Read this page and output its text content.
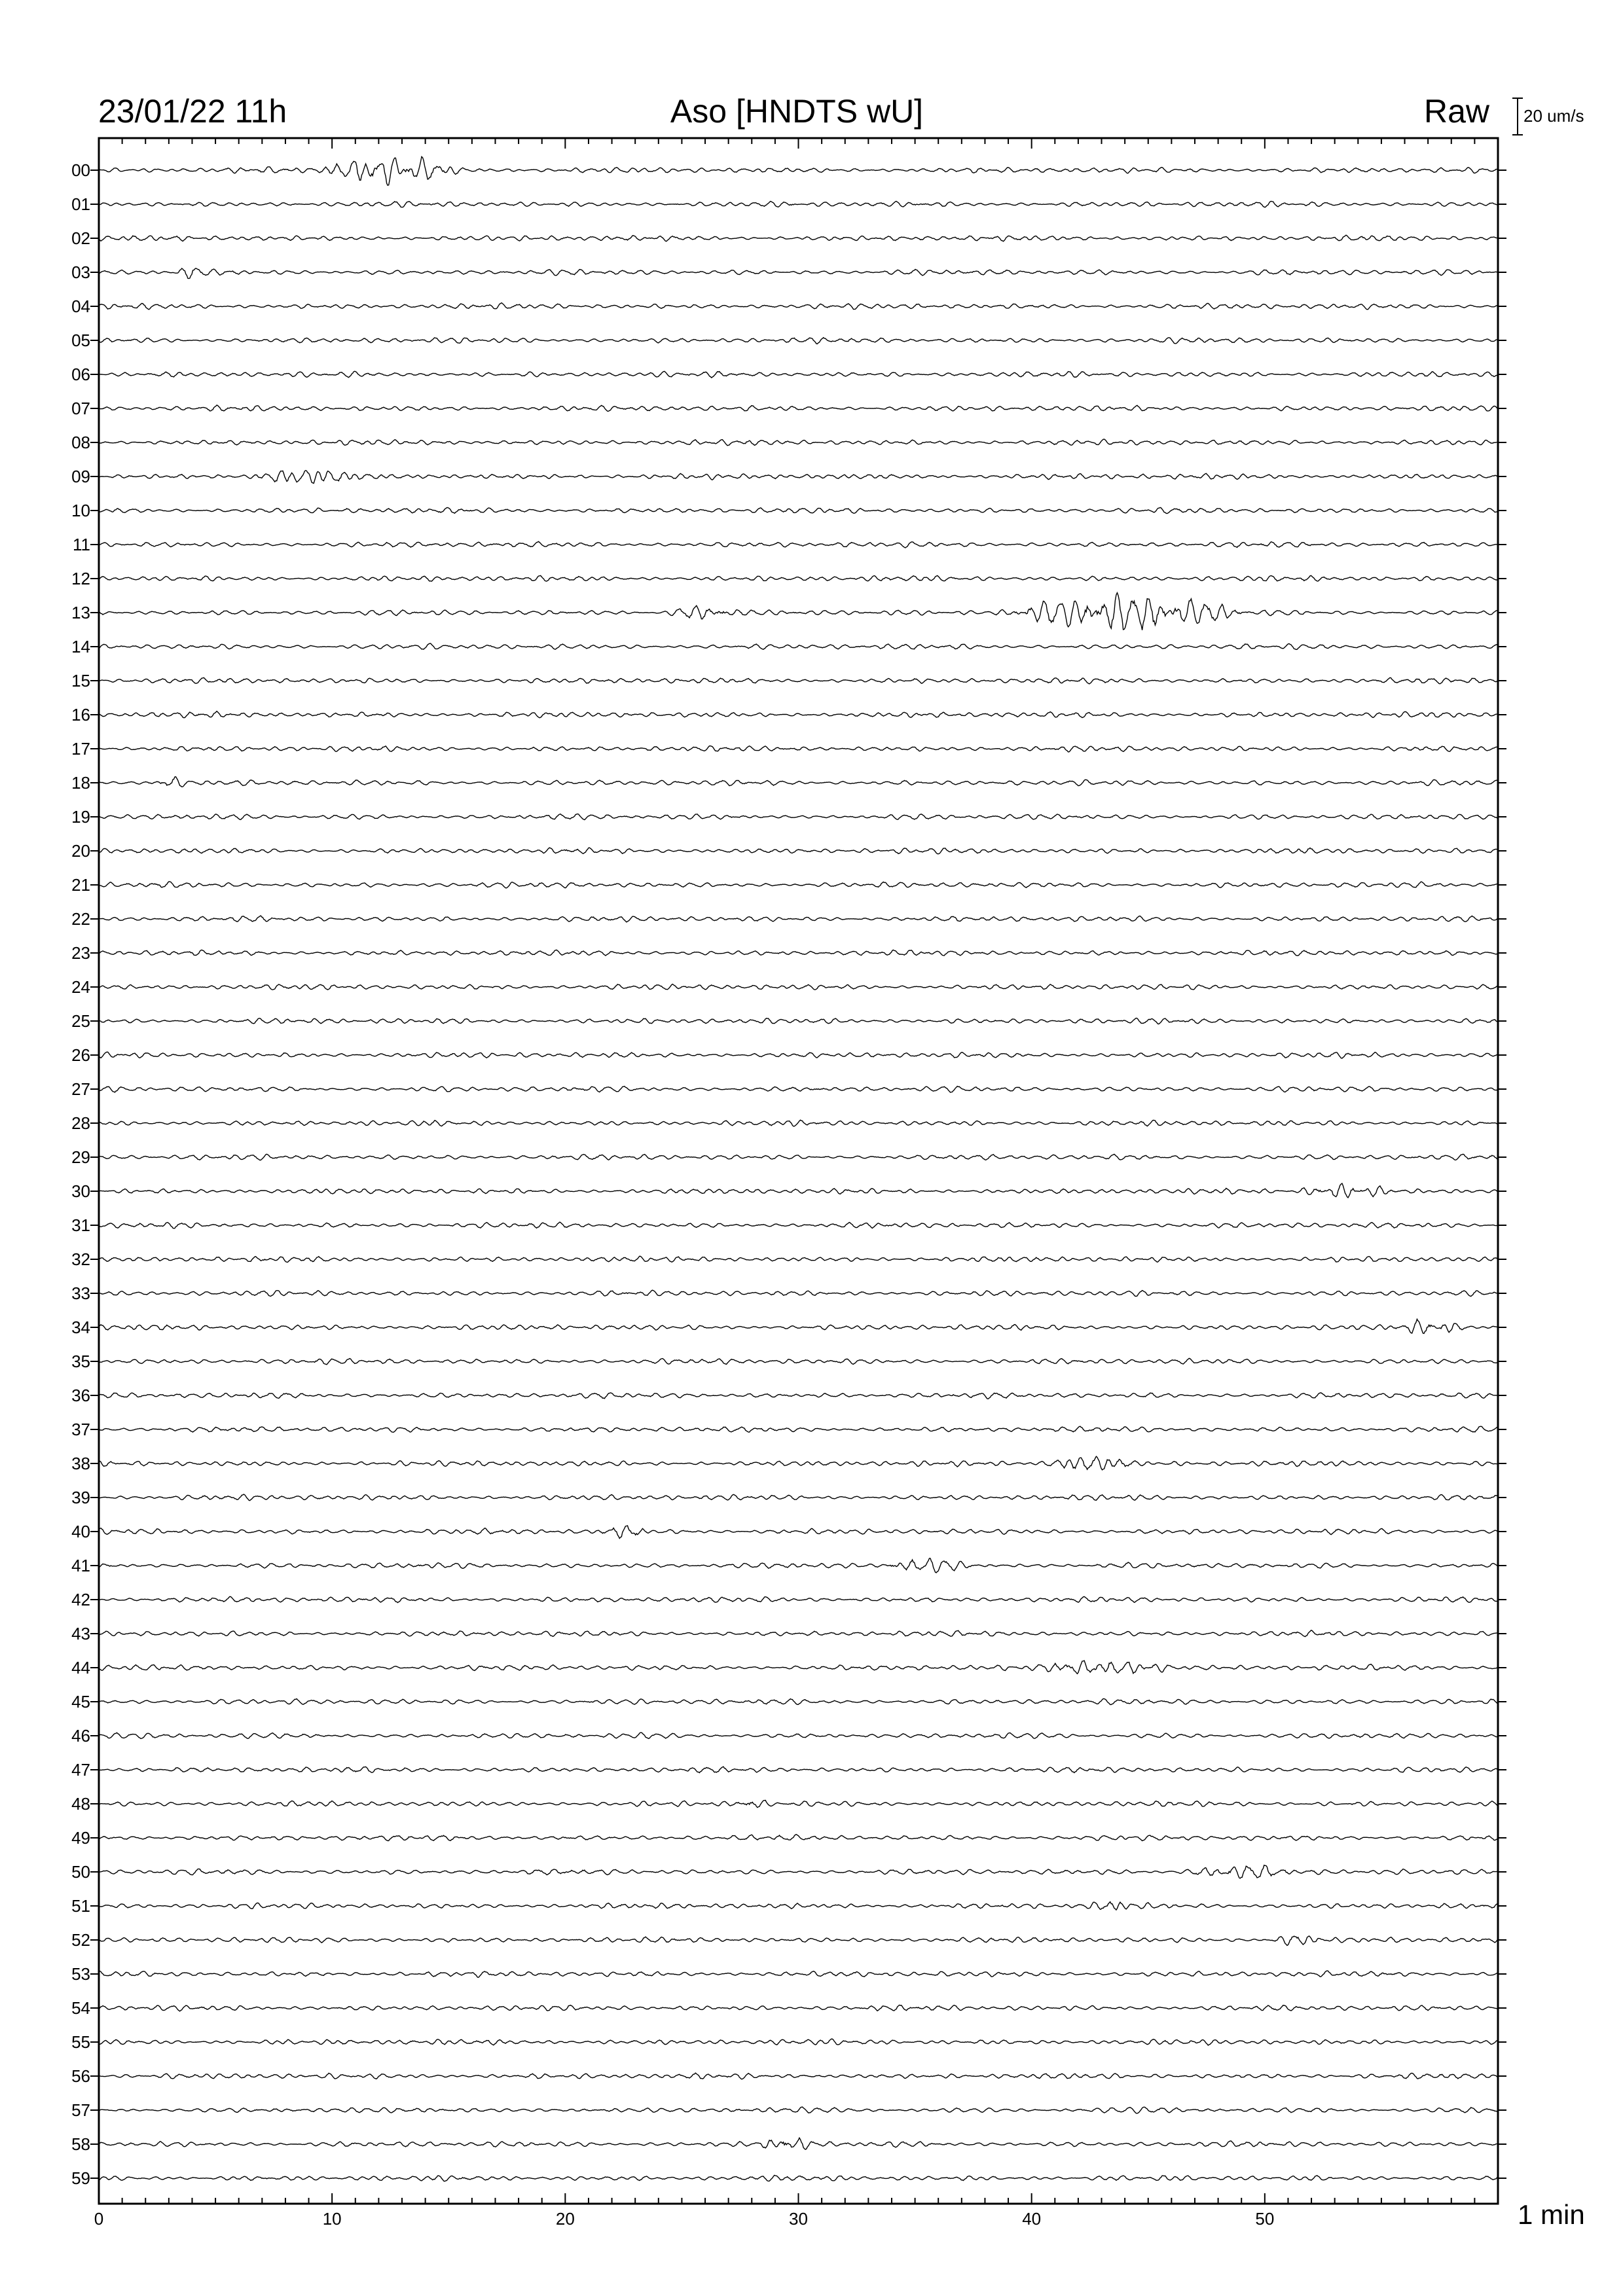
23/01/22 11h	Aso [HNDTS wU]	Raw 20 um/s
1 min
0	10	20	30	40	50
00
01
02
03
04
05
06
07
08
09
10
11
12
13
14
15
16
17
18
19
20
21
22
23
24
25
26
27
28
29
30
31
32
33
34
35
36
37
38
39
40
41
42
43
44
45
46
47
48
49
50
51
52
53
54
55
56
57
58
59
